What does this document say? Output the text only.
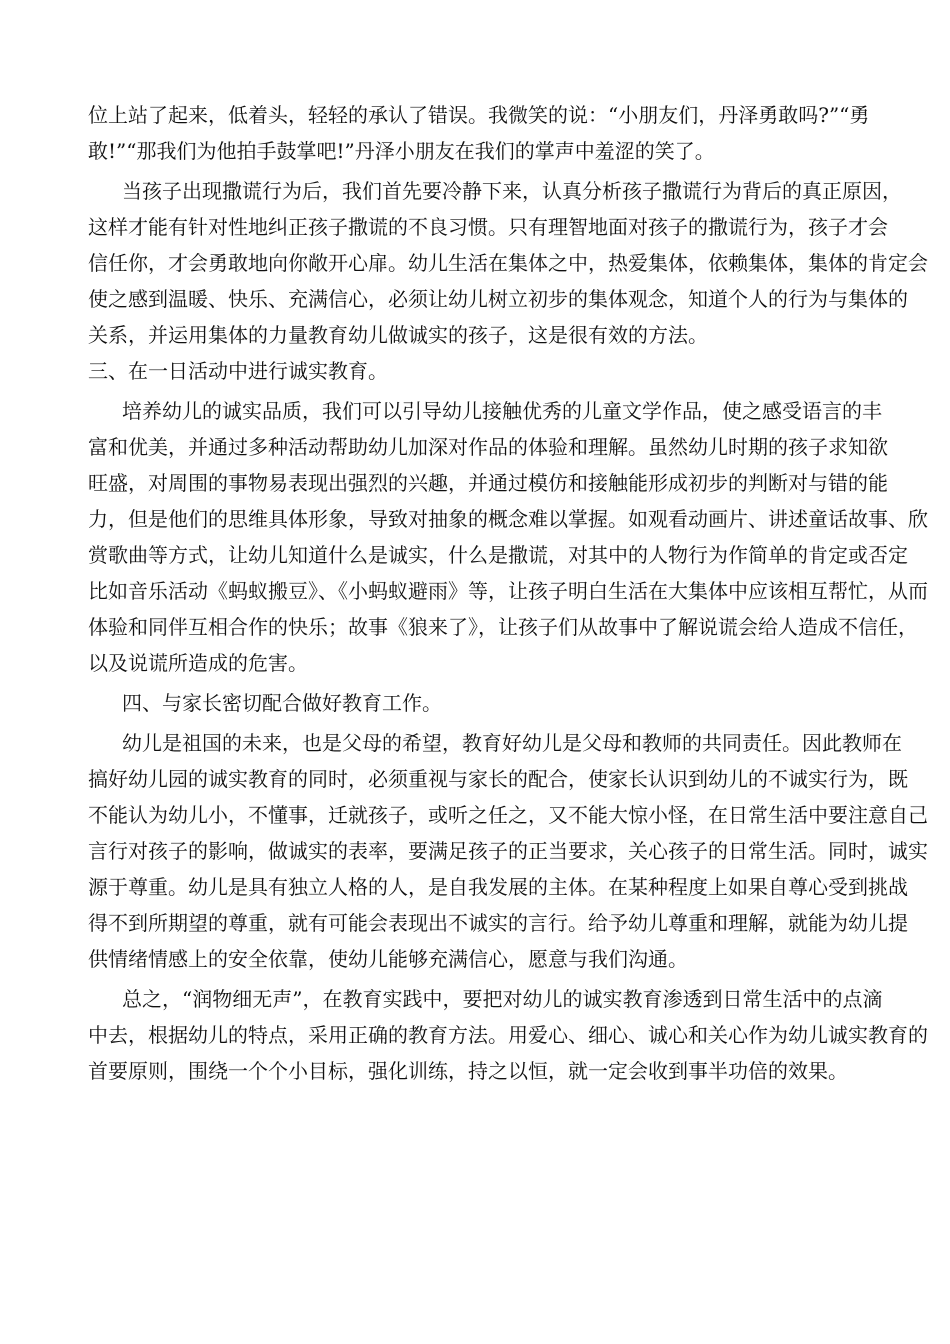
位上站了起来，低着头，轻轻的承认了错误。我微笑的说：“小朋友们，丹泽勇敢吗?”“勇
敢!”“那我们为他拍手鼓掌吧!”丹泽小朋友在我们的掌声中羞涩的笑了。
当孩子出现撒谎行为后，我们首先要冷静下来，认真分析孩子撒谎行为背后的真正原因，
这样才能有针对性地纠正孩子撒谎的不良习惯。只有理智地面对孩子的撒谎行为，孩子才会
信任你，才会勇敢地向你敞开心扉。幼儿生活在集体之中，热爱集体，依赖集体，集体的肯定会
使之感到温暖、快乐、充满信心，必须让幼儿树立初步的集体观念，知道个人的行为与集体的
关系，并运用集体的力量教育幼儿做诚实的孩子，这是很有效的方法。
三、在一日活动中进行诚实教育。
培养幼儿的诚实品质，我们可以引导幼儿接触优秀的儿童文学作品，使之感受语言的丰
富和优美，并通过多种活动帮助幼儿加深对作品的体验和理解。虽然幼儿时期的孩子求知欲
旺盛，对周围的事物易表现出强烈的兴趣，并通过模仿和接触能形成初步的判断对与错的能
力，但是他们的思维具体形象，导致对抽象的概念难以掌握。如观看动画片、讲述童话故事、欣
赏歌曲等方式，让幼儿知道什么是诚实，什么是撒谎，对其中的人物行为作简单的肯定或否定
比如音乐活动《蚂蚁搬豆》、《小蚂蚁避雨》等，让孩子明白生活在大集体中应该相互帮忙，从而
体验和同伴互相合作的快乐；故事《狼来了》，让孩子们从故事中了解说谎会给人造成不信任，
以及说谎所造成的危害。
四、与家长密切配合做好教育工作。
幼儿是祖国的未来，也是父母的希望，教育好幼儿是父母和教师的共同责任。因此教师在
搞好幼儿园的诚实教育的同时，必须重视与家长的配合，使家长认识到幼儿的不诚实行为，既
不能认为幼儿小，不懂事，迁就孩子，或听之任之，又不能大惊小怪，在日常生活中要注意自己
言行对孩子的影响，做诚实的表率，要满足孩子的正当要求，关心孩子的日常生活。同时，诚实
源于尊重。幼儿是具有独立人格的人，是自我发展的主体。在某种程度上如果自尊心受到挑战
得不到所期望的尊重，就有可能会表现出不诚实的言行。给予幼儿尊重和理解，就能为幼儿提
供情绪情感上的安全依靠，使幼儿能够充满信心，愿意与我们沟通。
总之，“润物细无声”，在教育实践中，要把对幼儿的诚实教育渗透到日常生活中的点滴
中去，根据幼儿的特点，采用正确的教育方法。用爱心、细心、诚心和关心作为幼儿诚实教育的
首要原则，围绕一个个小目标，强化训练，持之以恒，就一定会收到事半功倍的效果。
